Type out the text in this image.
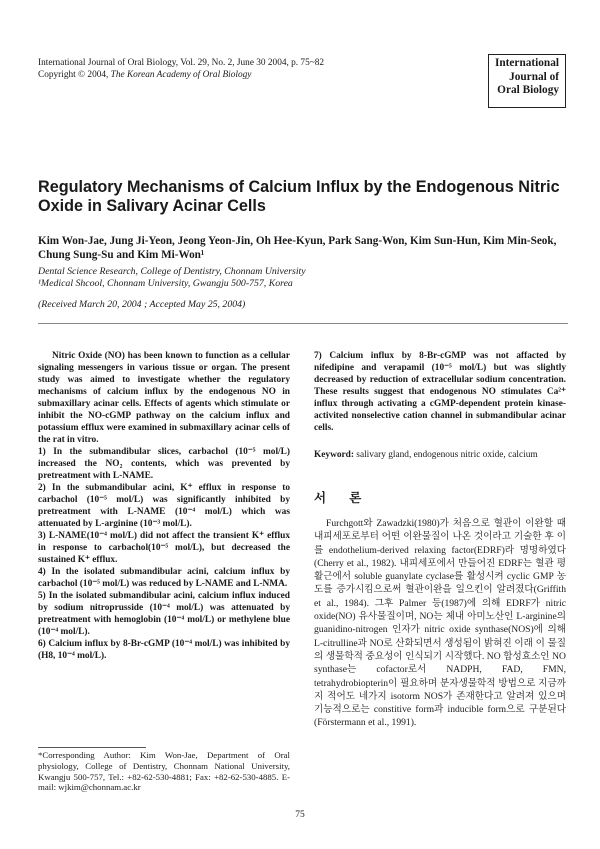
International Journal of Oral Biology, Vol. 29, No. 2, June 30 2004, p. 75~82
Copyright © 2004, The Korean Academy of Oral Biology
International
Journal of
Oral Biology
Regulatory Mechanisms of Calcium Influx by the Endogenous Nitric Oxide in Salivary Acinar Cells

Kim Won-Jae, Jung Ji-Yeon, Jeong Yeon-Jin, Oh Hee-Kyun, Park Sang-Won, Kim Sun-Hun, Kim Min-Seok, Chung Sung-Su and Kim Mi-Won¹

Dental Science Research, College of Dentistry, Chonnam University
¹Medical Shcool, Chonnam University, Gwangju 500-757, Korea
(Received March 20, 2004 ; Accepted May 25, 2004)

Nitric Oxide (NO) has been known to function as a cellular signaling messengers in various tissue or organ. The present study was aimed to investigate whether the regulatory mechanisms of calcium influx by the endogenous NO in submaxillary acinar cells. Effects of agents which stimulate or inhibit the NO-cGMP pathway on the calcium influx and potassium efflux were examined in submaxillary acinar cells of the rat in vitro.

1) In the submandibular slices, carbachol (10⁻⁵ mol/L) increased the NO₂ contents, which was prevented by pretreatment with L-NAME.

2) In the submandibular acini, K⁺ efflux in response to carbachol (10⁻⁵ mol/L) was significantly inhibited by pretreatment with L-NAME (10⁻⁴ mol/L) which was attenuated by L-arginine (10⁻³ mol/L).

3) L-NAME(10⁻⁴ mol/L) did not affect the transient K⁺ efflux in response to carbachol(10⁻⁵ mol/L), but decreased the sustained K⁺ efflux.

4) In the isolated submandibular acini, calcium influx by carbachol (10⁻⁵ mol/L) was reduced by L-NAME and L-NMA.

5) In the isolated submandibular acini, calcium influx induced by sodium nitroprusside (10⁻⁴ mol/L) was attenuated by pretreatment with hemoglobin (10⁻⁴ mol/L) or methylene blue (10⁻⁴ mol/L).

6) Calcium influx by 8-Br-cGMP (10⁻⁴ mol/L) was inhibited by (H8, 10⁻⁴ mol/L).

7) Calcium influx by 8-Br-cGMP was not affacted by nifedipine and verapamil (10⁻⁵ mol/L) but was slightly decreased by reduction of extracellular sodium concentration. These results suggest that endogenous NO stimulates Ca²⁺ influx through activating a cGMP-dependent protein kinase-activited nonselective cation channel in submandibular acinar cells.

Keyword: salivary gland, endogenous nitric oxide, calcium
서 론

Furchgott와 Zawadzki(1980)가 처음으로 혈관이 이완할 때 내피세포로부터 어떤 이완물질이 나온 것이라고 기술한 후 이를 endothelium-derived relaxing factor(EDRF)라 명명하였다(Cherry et al., 1982). 내피세포에서 만들어진 EDRF는 혈관 평활근에서 soluble guanylate cyclase를 활성시켜 cyclic GMP 농도를 증가시킴으로써 혈관이완을 일으킨이 알려졌다(Griffith et al., 1984). 그후 Palmer 등(1987)에 의해 EDRF가 nitric oxide(NO) 유사물질이며, NO는 체내 아미노산인 L-arginine의 guanidino-nitrogen 인자가 nitric oxide synthase(NOS)에 의해 L-citrulline과 NO로 산화되면서 생성됨이 밝혀진 이래 이 물질의 생물학적 중요성이 인식되기 시작했다. NO 합성효소인 NO synthase는 cofactor로서 NADPH, FAD, FMN, tetrahydrobiopterin이 필요하며 분자생물학적 방법으로 지금까지 적어도 네가지 isotorm NOS가 존재한다고 알려져 있으며 기능적으로는 constitive form과 inducible form으로 구분된다(Förstermann et al., 1991).

*Corresponding Author: Kim Won-Jae, Department of Oral physiology, College of Dentistry, Chonnam National University, Kwangju 500-757, Tel.: +82-62-530-4881; Fax: +82-62-530-4885. E-mail: wjkim@chonnam.ac.kr
75
